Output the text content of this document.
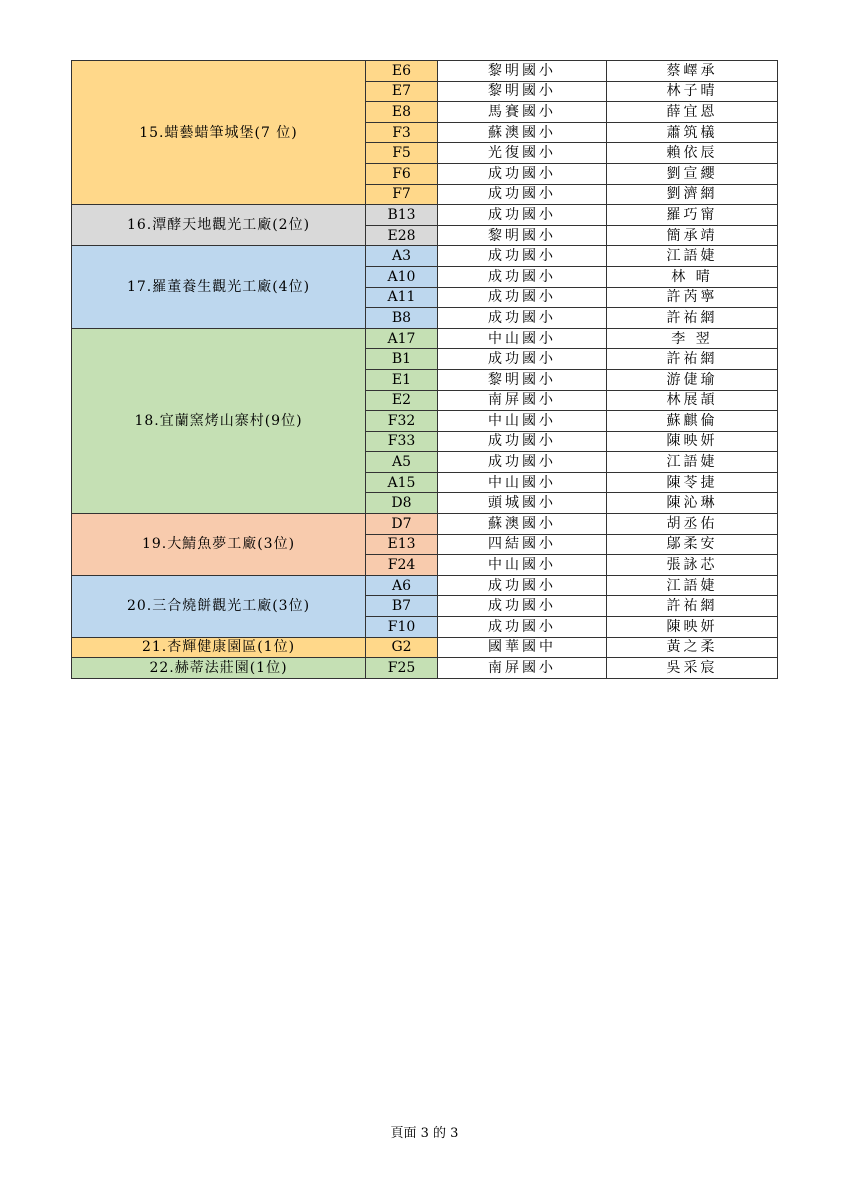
15.蜡藝蜡筆城堡(7 位)	E6	黎明國小	蔡嶧承
	E7	黎明國小	林子晴
	E8	馬賽國小	薛宜恩
	F3	蘇澳國小	蕭筑檥
	F5	光復國小	賴依辰
	F6	成功國小	劉宣纓
	F7	成功國小	劉濟網
16.潭酵天地觀光工廠(2位)	B13	成功國小	羅巧甯
	E28	黎明國小	簡承靖
17.羅董養生觀光工廠(4位)	A3	成功國小	江語婕
	A10	成功國小	林 晴
	A11	成功國小	許芮寧
	B8	成功國小	許祐網
18.宜蘭窯烤山寨村(9位)	A17	中山國小	李 翌
	B1	成功國小	許祐網
	E1	黎明國小	游倢瑜
	E2	南屏國小	林展頡
	F32	中山國小	蘇麒倫
	F33	成功國小	陳映妍
	A5	成功國小	江語婕
	A15	中山國小	陳苓捷
	D8	頭城國小	陳沁琳
19.大鯖魚夢工廠(3位)	D7	蘇澳國小	胡丞佑
	E13	四結國小	鄔柔安
	F24	中山國小	張詠芯
20.三合燒餅觀光工廠(3位)	A6	成功國小	江語婕
	B7	成功國小	許祐網
	F10	成功國小	陳映妍
21.杏輝健康園區(1位)	G2	國華國中	黃之柔
22.赫蒂法莊園(1位)	F25	南屏國小	吳采宸
頁面 3 的 3
